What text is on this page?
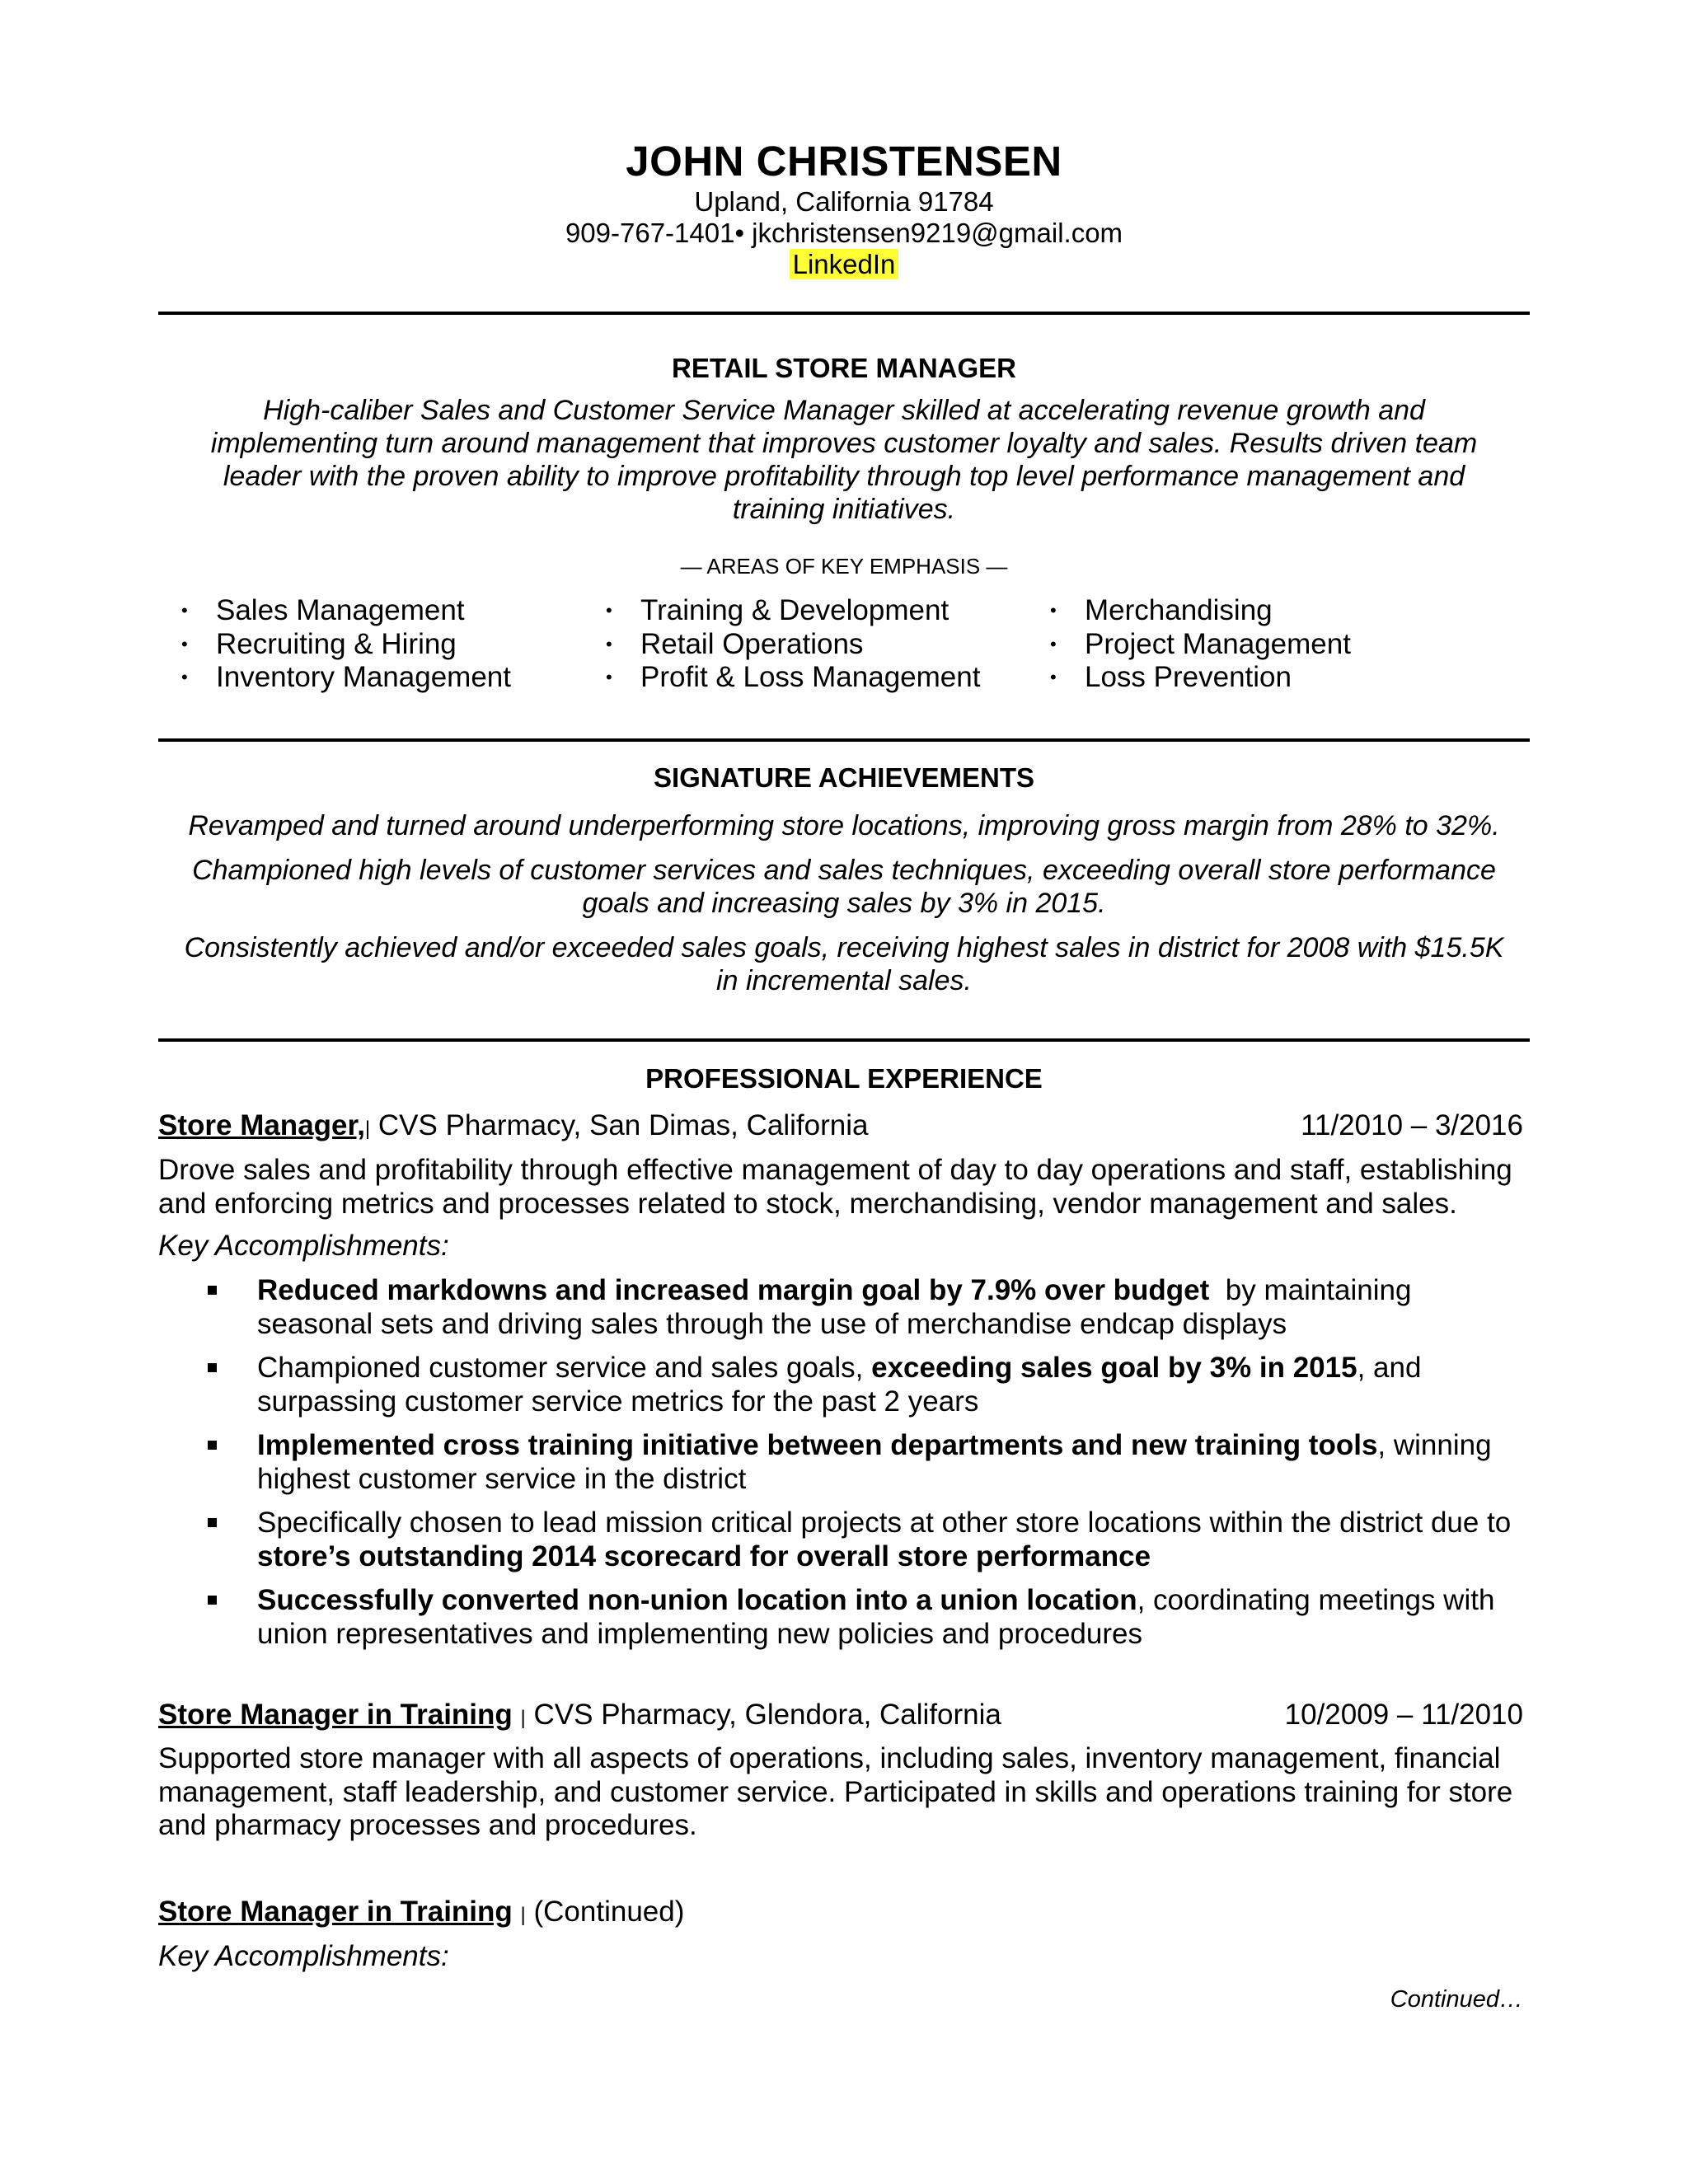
JOHN CHRISTENSEN
Upland, California 91784
909-767-1401• jkchristensen9219@gmail.com
LinkedIn
RETAIL STORE MANAGER
High-caliber Sales and Customer Service Manager skilled at accelerating revenue growth and
implementing turn around management that improves customer loyalty and sales. Results driven team
leader with the proven ability to improve profitability through top level performance management and
training initiatives.
— AREAS OF KEY EMPHASIS —
• Sales Management
• Recruiting & Hiring
• Inventory Management
• Training & Development
• Retail Operations
• Profit & Loss Management
• Merchandising
• Project Management
• Loss Prevention
SIGNATURE ACHIEVEMENTS
Revamped and turned around underperforming store locations, improving gross margin from 28% to 32%.
Championed high levels of customer services and sales techniques, exceeding overall store performance
goals and increasing sales by 3% in 2015.
Consistently achieved and/or exceeded sales goals, receiving highest sales in district for 2008 with $15.5K
in incremental sales.
PROFESSIONAL EXPERIENCE
Store Manager,| CVS Pharmacy, San Dimas, California	11/2010 – 3/2016
Drove sales and profitability through effective management of day to day operations and staff, establishing and enforcing metrics and processes related to stock, merchandising, vendor management and sales.
Key Accomplishments:
Reduced markdowns and increased margin goal by 7.9% over budget  by maintaining seasonal sets and driving sales through the use of merchandise endcap displays
Championed customer service and sales goals, exceeding sales goal by 3% in 2015, and surpassing customer service metrics for the past 2 years
Implemented cross training initiative between departments and new training tools, winning highest customer service in the district
Specifically chosen to lead mission critical projects at other store locations within the district due to store’s outstanding 2014 scorecard for overall store performance
Successfully converted non-union location into a union location, coordinating meetings with union representatives and implementing new policies and procedures
Store Manager in Training | CVS Pharmacy, Glendora, California	10/2009 – 11/2010
Supported store manager with all aspects of operations, including sales, inventory management, financial management, staff leadership, and customer service. Participated in skills and operations training for store and pharmacy processes and procedures.
Store Manager in Training | (Continued)
Key Accomplishments:
Continued…
